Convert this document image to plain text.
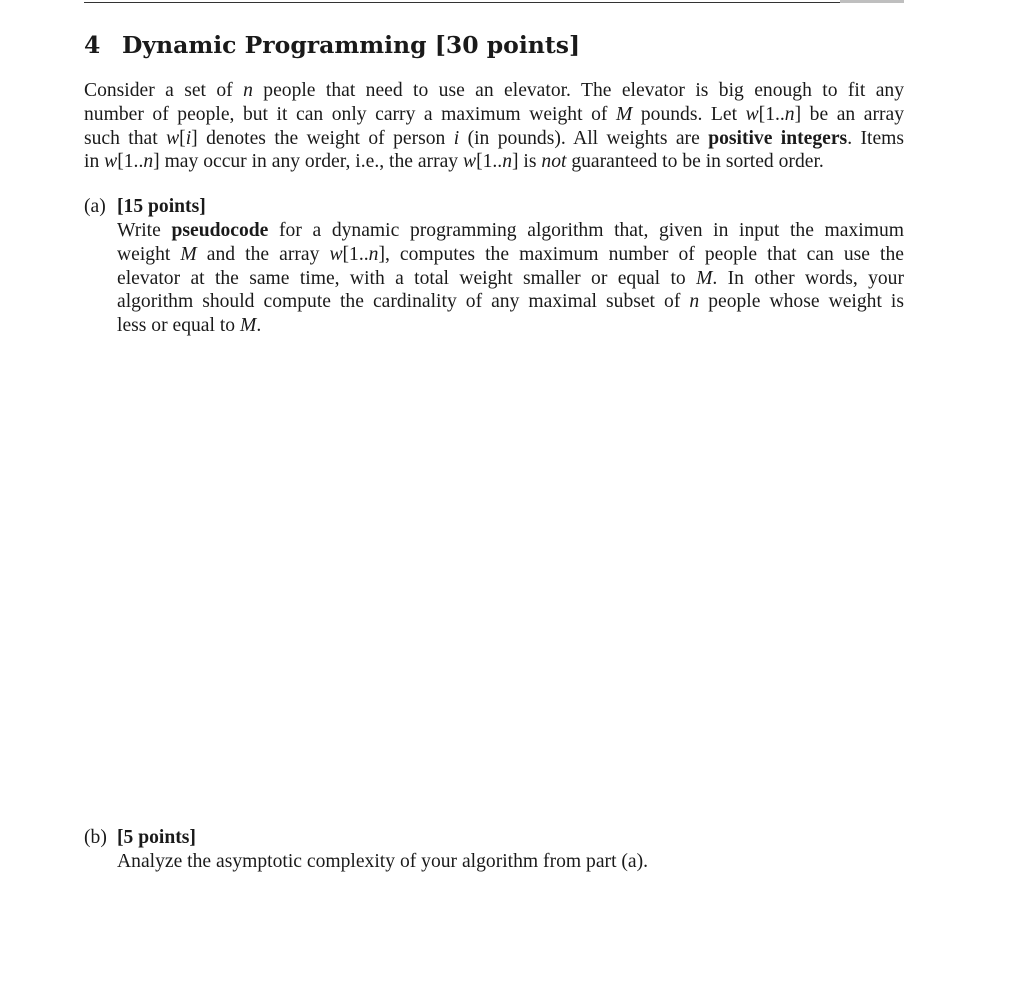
4 Dynamic Programming [30 points]
Consider a set of n people that need to use an elevator. The elevator is big enough to fit any
number of people, but it can only carry a maximum weight of M pounds. Let w[1..n] be an array
such that w[i] denotes the weight of person i (in pounds). All weights are positive integers. Items
in w[1..n] may occur in any order, i.e., the array w[1..n] is not guaranteed to be in sorted order.
(a) [15 points]
Write pseudocode for a dynamic programming algorithm that, given in input the maximum
weight M and the array w[1..n], computes the maximum number of people that can use the
elevator at the same time, with a total weight smaller or equal to M. In other words, your
algorithm should compute the cardinality of any maximal subset of n people whose weight is
less or equal to M.
(b) [5 points]
Analyze the asymptotic complexity of your algorithm from part (a).
